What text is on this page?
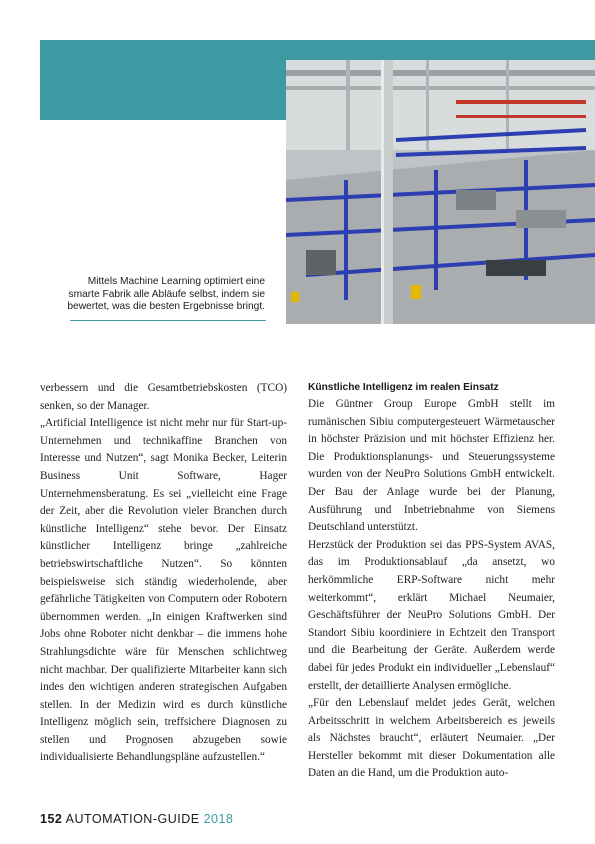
Mittels Machine Learning optimiert eine
smarte Fabrik alle Abläufe selbst, indem sie
bewertet, was die besten Ergebnisse bringt.

verbessern und die Gesamtbetriebskosten (TCO) senken, so der Manager.

„Artificial Intelligence ist nicht mehr nur für Start-up-Unternehmen und technikaffine Branchen von Interesse und Nutzen“, sagt Monika Becker, Leiterin Business Unit Software, Hager Unternehmensberatung. Es sei „vielleicht eine Frage der Zeit, aber die Revolution vieler Branchen durch künstliche Intelligenz“ stehe bevor. Der Einsatz künstlicher Intelligenz bringe „zahlreiche betriebswirtschaftliche Nutzen“. So könnten beispielsweise sich ständig wiederholende, aber gefährliche Tätigkeiten von Computern oder Robotern übernommen werden. „In einigen Kraftwerken sind Jobs ohne Roboter nicht denkbar – die immens hohe Strahlungsdichte wäre für Menschen schlichtweg nicht machbar. Der qualifizierte Mitarbeiter kann sich indes den wichtigen anderen strategischen Aufgaben stellen. In der Medizin wird es durch künstliche Intelligenz möglich sein, treffsichere Diagnosen zu stellen und Prognosen abzugeben sowie individualisierte Behandlungspläne aufzustellen.“

Künstliche Intelligenz im realen Einsatz

Die Güntner Group Europe GmbH stellt im rumänischen Sibiu computergesteuert Wärmetauscher in höchster Präzision und mit höchster Effizienz her. Die Produktionsplanungs- und Steuerungssysteme wurden von der NeuPro Solutions GmbH entwickelt. Der Bau der Anlage wurde bei der Planung, Ausführung und Inbetriebnahme von Siemens Deutschland unterstützt.

Herzstück der Produktion sei das PPS-System AVAS, das im Produktionsablauf „da ansetzt, wo herkömmliche ERP-Software nicht mehr weiterkommt“, erklärt Michael Neumaier, Geschäftsführer der NeuPro Solutions GmbH. Der Standort Sibiu koordiniere in Echtzeit den Transport und die Bearbeitung der Geräte. Außerdem werde dabei für jedes Produkt ein individueller „Lebenslauf“ erstellt, der detaillierte Analysen ermögliche.

„Für den Lebenslauf meldet jedes Gerät, welchen Arbeitsschritt in welchem Arbeitsbereich es jeweils als Nächstes braucht“, erläutert Neumaier. „Der Hersteller bekommt mit dieser Dokumentation alle Daten an die Hand, um die Produktion auto-

152 AUTOMATION-GUIDE 2018
